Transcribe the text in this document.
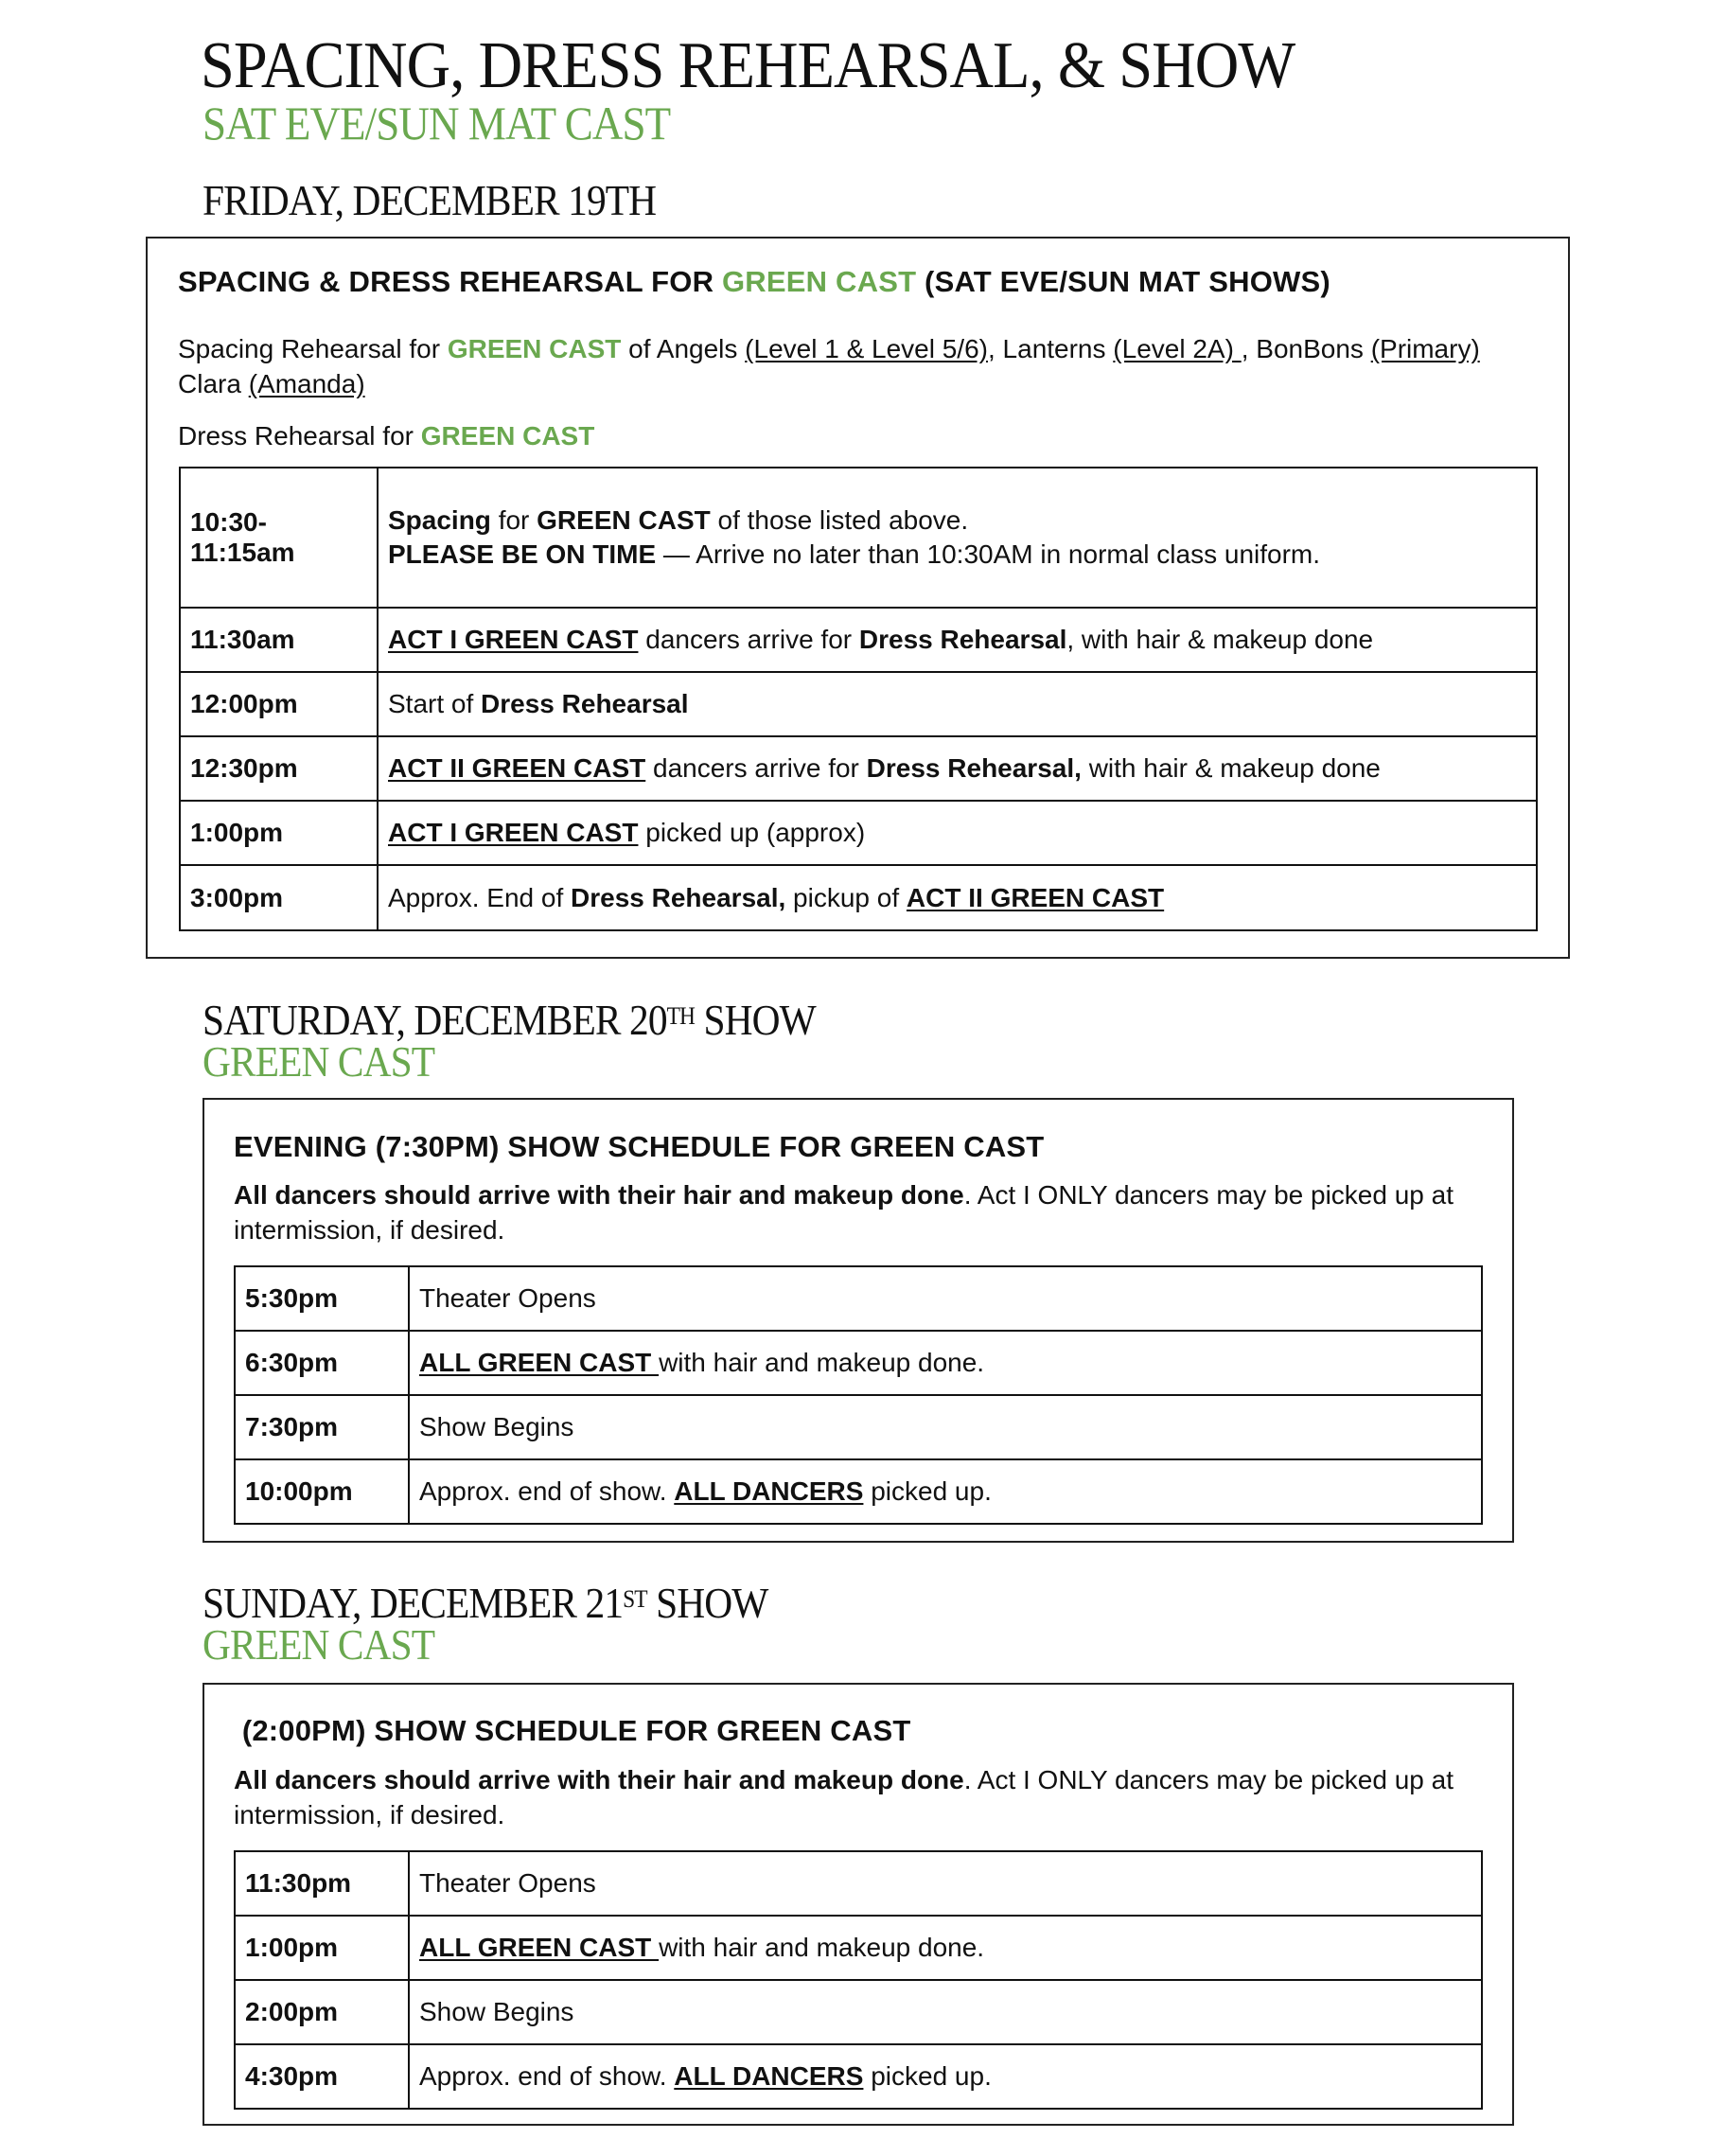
SPACING, DRESS REHEARSAL, & SHOW
SAT EVE/SUN MAT CAST
FRIDAY, DECEMBER 19TH
SPACING & DRESS REHEARSAL FOR GREEN CAST (SAT EVE/SUN MAT SHOWS)
Spacing Rehearsal for GREEN CAST of Angels (Level 1 & Level 5/6), Lanterns (Level 2A) , BonBons (Primary) Clara (Amanda)
Dress Rehearsal for GREEN CAST
10:30-11:15am	Spacing for GREEN CAST of those listed above.
PLEASE BE ON TIME — Arrive no later than 10:30AM in normal class uniform.

11:30am	ACT I GREEN CAST dancers arrive for Dress Rehearsal, with hair & makeup done
12:00pm	Start of Dress Rehearsal
12:30pm	ACT II GREEN CAST dancers arrive for Dress Rehearsal, with hair & makeup done
1:00pm	ACT I GREEN CAST picked up (approx)
3:00pm	Approx. End of Dress Rehearsal, pickup of ACT II GREEN CAST
SATURDAY, DECEMBER 20TH SHOW
GREEN CAST
EVENING (7:30PM) SHOW SCHEDULE FOR GREEN CAST
All dancers should arrive with their hair and makeup done. Act I ONLY dancers may be picked up at intermission, if desired.
5:30pm	Theater Opens
6:30pm	ALL GREEN CAST with hair and makeup done.
7:30pm	Show Begins
10:00pm	Approx. end of show. ALL DANCERS picked up.
SUNDAY, DECEMBER 21ST SHOW
GREEN CAST
(2:00PM) SHOW SCHEDULE FOR GREEN CAST
All dancers should arrive with their hair and makeup done. Act I ONLY dancers may be picked up at intermission, if desired.
11:30pm	Theater Opens
1:00pm	ALL GREEN CAST with hair and makeup done.
2:00pm	Show Begins
4:30pm	Approx. end of show. ALL DANCERS picked up.
